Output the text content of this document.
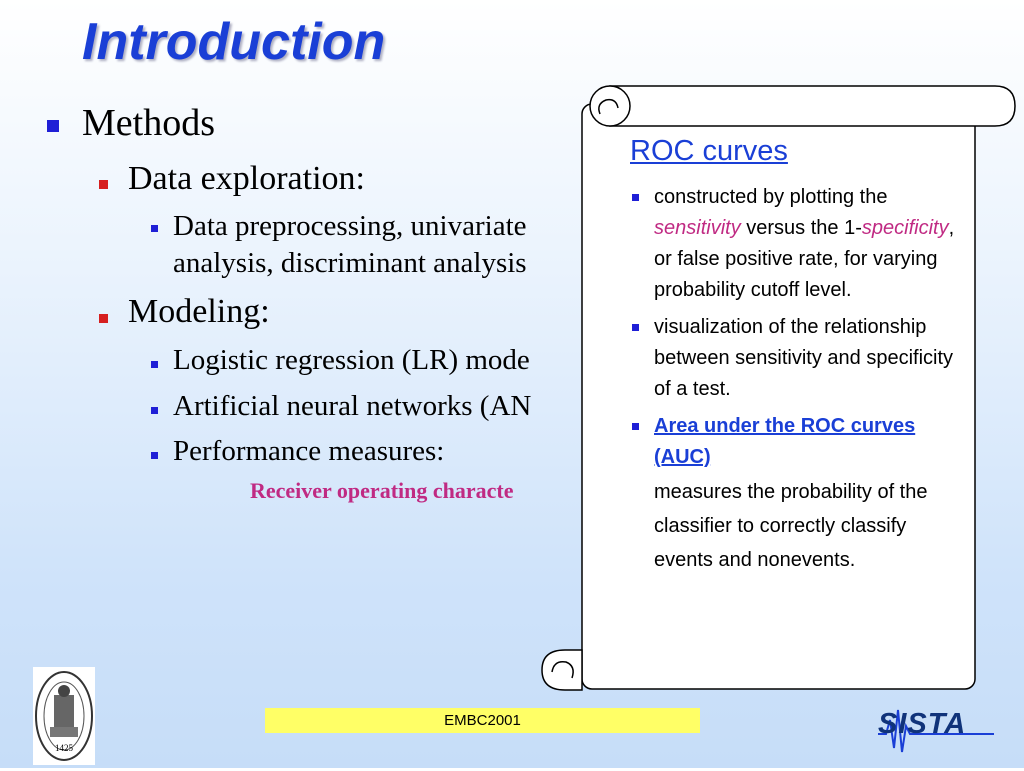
Introduction
Methods
Data exploration:
Data preprocessing, univariate
analysis, discriminant analysis
Modeling:
Logistic regression (LR) mode
Artificial neural networks (AN
Performance measures:
Receiver operating characte
ROC curves
constructed by plotting the sensitivity versus the 1-specificity, or false positive rate, for varying probability cutoff level.
visualization of the relationship between sensitivity and specificity of a test.
Area under the ROC curves (AUC)
measures the probability of the classifier to correctly classify events and nonevents.
1425
EMBC2001	SISTA
